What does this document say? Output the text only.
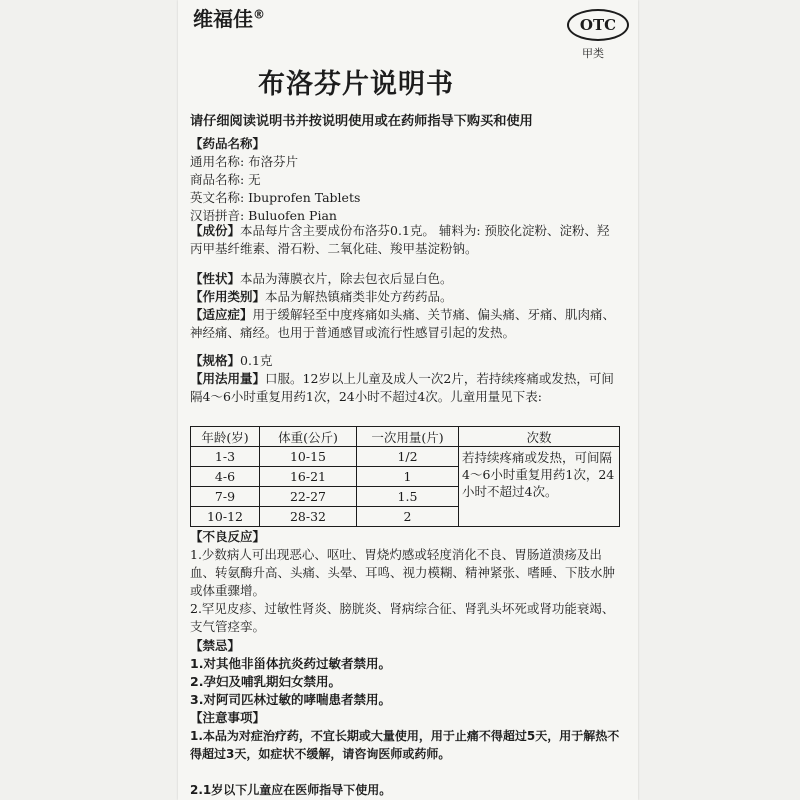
维福佳®
OTC
甲类
布洛芬片说明书
请仔细阅读说明书并按说明使用或在药师指导下购买和使用
【药品名称】
通用名称: 布洛芬片
商品名称: 无
英文名称: Ibuprofen Tablets
汉语拼音: Buluofen Pian
【成份】本品每片含主要成份布洛芬0.1克。 辅料为: 预胶化淀粉、淀粉、羟丙甲基纤维素、滑石粉、二氧化硅、羧甲基淀粉钠。
【性状】本品为薄膜衣片，除去包衣后显白色。
【作用类别】本品为解热镇痛类非处方药药品。
【适应症】用于缓解轻至中度疼痛如头痛、关节痛、偏头痛、牙痛、肌肉痛、神经痛、痛经。也用于普通感冒或流行性感冒引起的发热。
【规格】0.1克
【用法用量】口服。12岁以上儿童及成人一次2片，若持续疼痛或发热，可间隔4～6小时重复用药1次，24小时不超过4次。儿童用量见下表:
年龄(岁)	体重(公斤)	一次用量(片)	次数
1-3	10-15	1/2	若持续疼痛或发热，可间隔4～6小时重复用药1次，24小时不超过4次。
4-6	16-21	1	
7-9	22-27	1.5	
10-12	28-32	2	
【不良反应】
1.少数病人可出现恶心、呕吐、胃烧灼感或轻度消化不良、胃肠道溃疡及出血、转氨酶升高、头痛、头晕、耳鸣、视力模糊、精神紧张、嗜睡、下肢水肿或体重骤增。
2.罕见皮疹、过敏性肾炎、膀胱炎、肾病综合征、肾乳头坏死或肾功能衰竭、支气管痉挛。
【禁忌】
1.对其他非甾体抗炎药过敏者禁用。
2.孕妇及哺乳期妇女禁用。
3.对阿司匹林过敏的哮喘患者禁用。
【注意事项】
1.本品为对症治疗药，不宜长期或大量使用，用于止痛不得超过5天，用于解热不得超过3天，如症状不缓解，请咨询医师或药师。
2.1岁以下儿童应在医师指导下使用。
